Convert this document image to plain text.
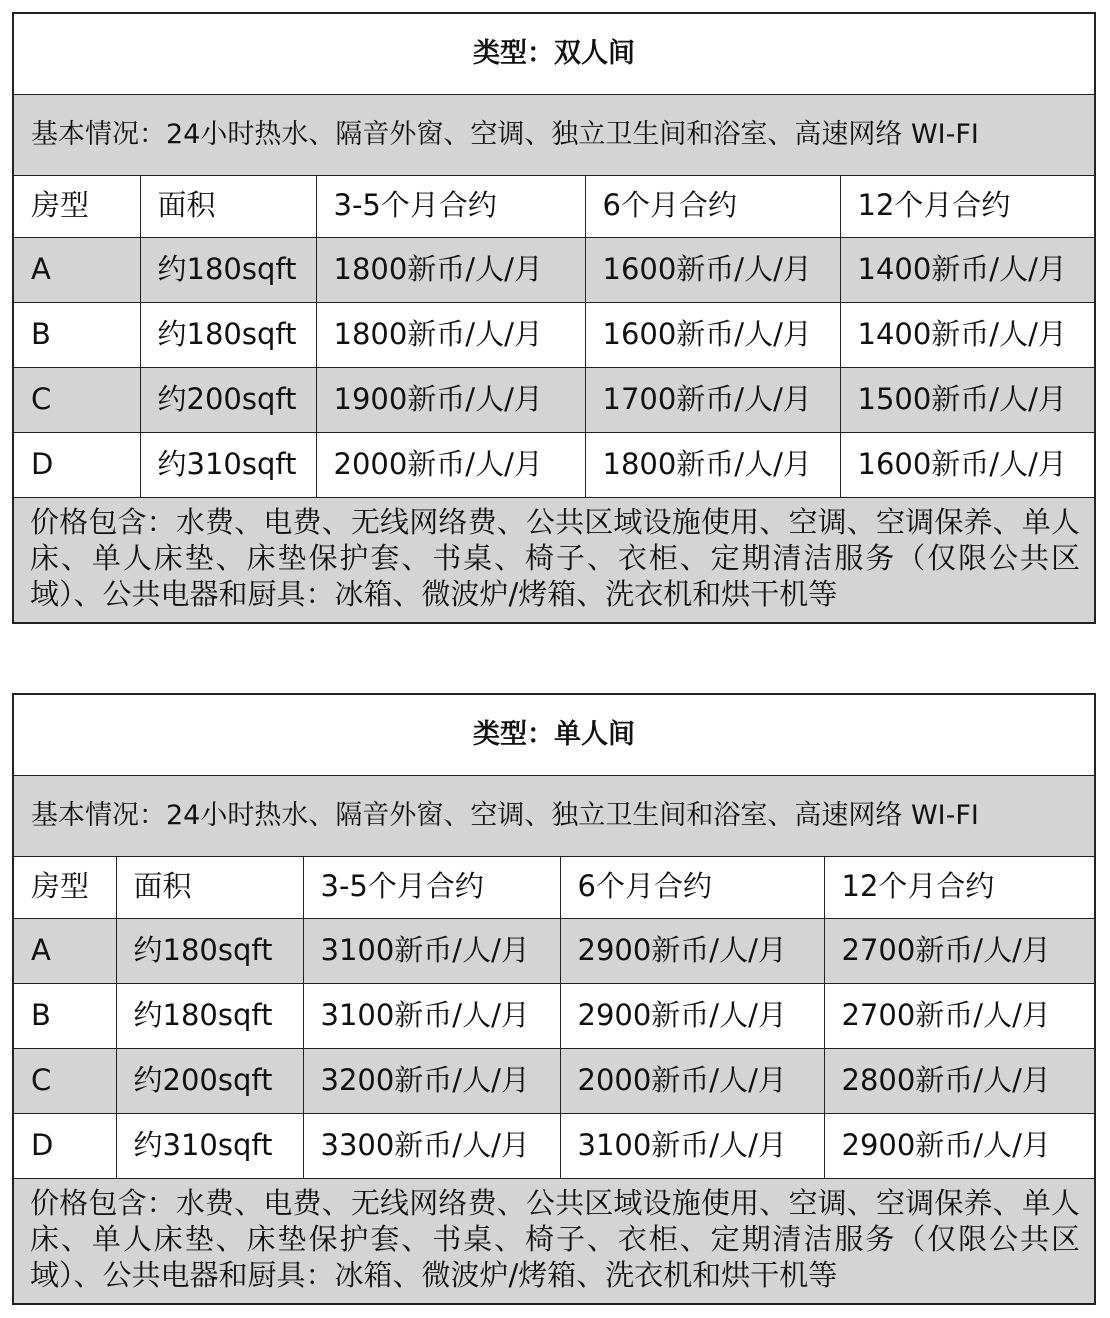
类型：双人间				
基本情况：24小时热水、隔音外窗、空调、独立卫生间和浴室、高速网络 WI-FI				
房型	面积	3-5个月合约	6个月合约	12个月合约
A	约180sqft	1800新币/人/月	1600新币/人/月	1400新币/人/月
B	约180sqft	1800新币/人/月	1600新币/人/月	1400新币/人/月
C	约200sqft	1900新币/人/月	1700新币/人/月	1500新币/人/月
D	约310sqft	2000新币/人/月	1800新币/人/月	1600新币/人/月
价格包含：水费、电费、无线网络费、公共区域设施使用、空调、空调保养、单人床、单人床垫、床垫保护套、书桌、椅子、衣柜、定期清洁服务（仅限公共区域）、公共电器和厨具：冰箱、微波炉/烤箱、洗衣机和烘干机等				
类型：单人间				
基本情况：24小时热水、隔音外窗、空调、独立卫生间和浴室、高速网络 WI-FI				
房型	面积	3-5个月合约	6个月合约	12个月合约
A	约180sqft	3100新币/人/月	2900新币/人/月	2700新币/人/月
B	约180sqft	3100新币/人/月	2900新币/人/月	2700新币/人/月
C	约200sqft	3200新币/人/月	2000新币/人/月	2800新币/人/月
D	约310sqft	3300新币/人/月	3100新币/人/月	2900新币/人/月
价格包含：水费、电费、无线网络费、公共区域设施使用、空调、空调保养、单人床、单人床垫、床垫保护套、书桌、椅子、衣柜、定期清洁服务（仅限公共区域）、公共电器和厨具：冰箱、微波炉/烤箱、洗衣机和烘干机等				
